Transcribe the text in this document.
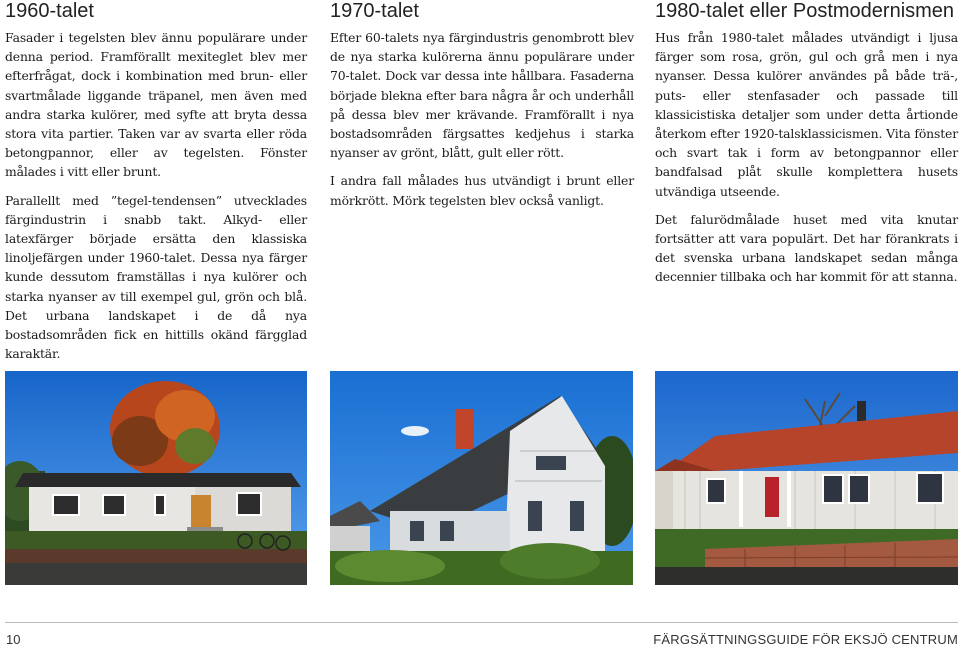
1960-talet

Fasader i tegelsten blev ännu populärare under denna period. Framförallt mexiteglet blev mer efterfrågat, dock i kombination med brun- eller svartmålade liggande träpanel, men även med andra starka kulörer, med syfte att bryta dessa stora vita partier. Taken var av svarta eller röda betongpannor, eller av tegelsten. Fönster målades i vitt eller brunt.

Parallellt med ”tegel-tendensen” utvecklades färgindustrin i snabb takt. Alkyd- eller latexfärger började ersätta den klassiska linoljefärgen under 1960-talet. Dessa nya färger kunde dessutom framställas i nya kulörer och starka nyanser av till exempel gul, grön och blå. Det urbana landskapet i de då nya bostadsområden fick en hittills okänd färgglad karaktär.

1970-talet

Efter 60-talets nya färgindustris genombrott blev de nya starka kulörerna ännu populärare under 70-talet. Dock var dessa inte hållbara. Fasaderna började blekna efter bara några år och underhåll på dessa blev mer krävande. Framförallt i nya bostadsområden färgsattes kedjehus i starka nyanser av grönt, blått, gult eller rött.

I andra fall målades hus utvändigt i brunt eller mörkrött. Mörk tegelsten blev också vanligt.

1980-talet eller Postmodernismen

Hus från 1980-talet målades utvändigt i ljusa färger som rosa, grön, gul och grå men i nya nyanser. Dessa kulörer användes på både trä-, puts- eller stenfasader och passade till klassicistiska detaljer som under detta årtionde återkom efter 1920-talsklassicismen. Vita fönster och svart tak i form av betongpannor eller bandfalsad plåt skulle komplettera husets utvändiga utseende.

Det falurödmålade huset med vita knutar fortsätter att vara populärt. Det har förankrats i det svenska urbana landskapet sedan många decennier tillbaka och har kommit för att stanna.

10	FÄRGSÄTTNINGSGUIDE FÖR EKSJÖ CENTRUM
